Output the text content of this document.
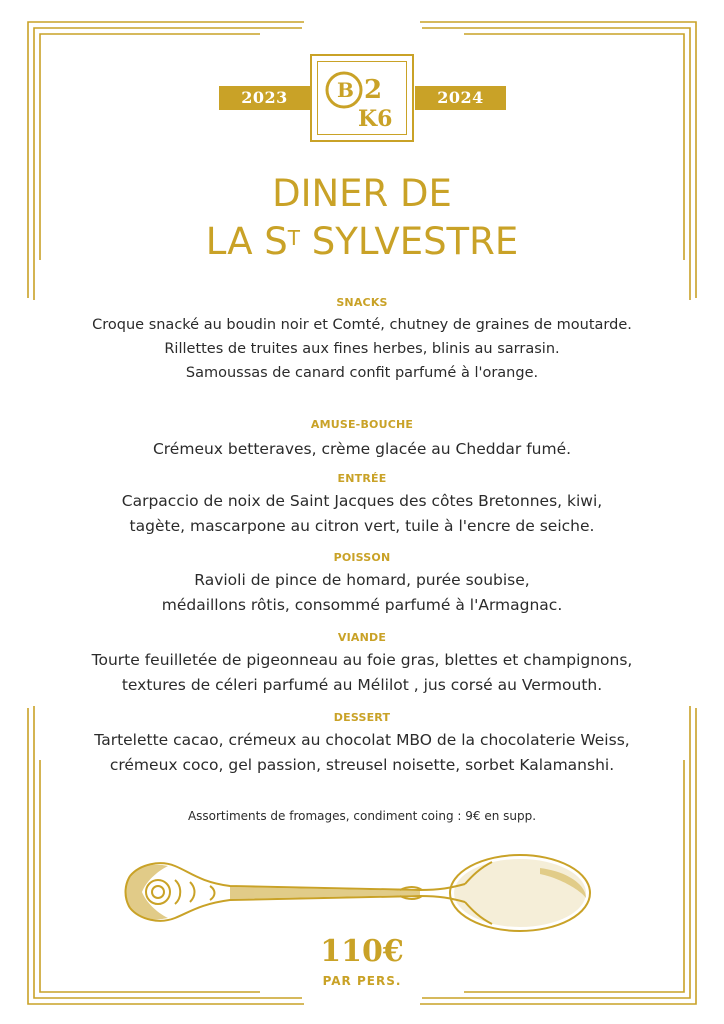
2023	2024
B 2
K6
DINER DE
LA $S^T$ SYLVESTRE
SNACKS
Croque snacké au boudin noir et Comté, chutney de graines de moutarde.
Rillettes de truites aux fines herbes, blinis au sarrasin.
Samoussas de canard confit parfumé à l'orange.
AMUSE-BOUCHE
Crémeux betteraves, crème glacée au Cheddar fumé.
ENTRÉE
Carpaccio de noix de Saint Jacques des côtes Bretonnes, kiwi,
tagète, mascarpone au citron vert, tuile à l'encre de seiche.
POISSON
Ravioli de pince de homard, purée soubise,
médaillons rôtis, consommé parfumé à l'Armagnac.
VIANDE
Tourte feuilletée de pigeonneau au foie gras, blettes et champignons,
textures de céleri parfumé au Mélilot , jus corsé au Vermouth.
DESSERT
Tartelette cacao, crémeux au chocolat MBO de la chocolaterie Weiss,
crémeux coco, gel passion, streusel noisette, sorbet Kalamanshi.
Assortiments de fromages, condiment coing : 9€ en supp.
110€
PAR PERS.
